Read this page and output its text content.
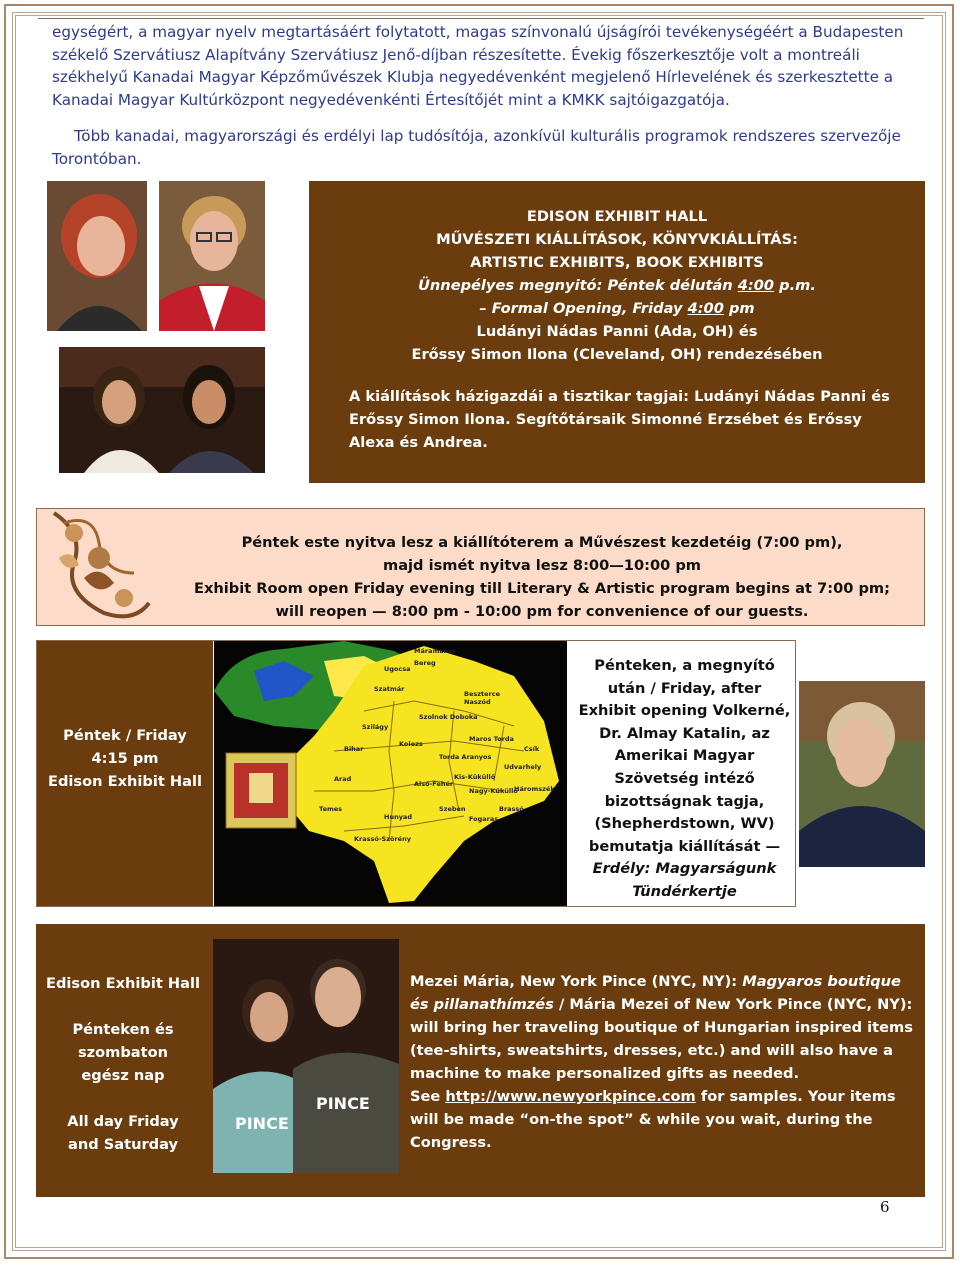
egységért, a magyar nyelv megtartásáért folytatott, magas színvonalú újságírói tevékenységéért a Budapesten székelő Szervátiusz Alapítvány Szervátiusz Jenő-díjban részesítette. Évekig főszerkesztője volt a montreáli székhelyű Kanadai Magyar Képzőművészek Klubja negyedévenként megjelenő Hírlevelének és szerkesztette a Kanadai Magyar Kultúrközpont negyedévenkénti Értesítőjét mint a KMKK sajtóigazgatója.

Több kanadai, magyarországi és erdélyi lap tudósítója, azonkívül kulturális programok rendszeres szervezője Torontóban.

EDISON EXHIBIT HALL
MŰVÉSZETI KIÁLLÍTÁSOK, KÖNYVKIÁLLÍTÁS:
ARTISTIC EXHIBITS, BOOK EXHIBITS
Ünnepélyes megnyitó: Péntek délután 4:00 p.m.
– Formal Opening, Friday 4:00 pm
Ludányi Nádas Panni (Ada, OH) és
Erőssy Simon Ilona (Cleveland, OH) rendezésében
A kiállítások házigazdái a tisztikar tagjai: Ludányi Nádas Panni és Erőssy Simon Ilona. Segítőtársaik Simonné Erzsébet és Erőssy Alexa és Andrea.
Péntek este nyitva lesz a kiállítóterem a Művészest kezdetéig (7:00 pm),
majd ismét nyitva lesz 8:00—10:00 pm
Exhibit Room open Friday evening till Literary & Artistic program begins at 7:00 pm;
will reopen — 8:00 pm - 10:00 pm for convenience of our guests.
Péntek / Friday
4:15 pm
Edison Exhibit Hall
Pénteken, a megnyító után / Friday, after Exhibit opening Volkerné, Dr. Almay Katalin, az Amerikai Magyar Szövetség intéző bizottságnak tagja, (Shepherdstown, WV) bemutatja kiállítását —
Erdély: Magyarságunk Tündérkertje
Máramaros
Ugocsa
Bereg
Szatmár
Szilágy
Bihar
Kolozs
Szolnok Doboka
Beszterce
Naszód
Maros Torda
Csík
Torda Aranyos
Udvarhely
Kis-Küküllő
Háromszék
Arad
Alsó-Fehér
Nagy-Küküllő
Hunyad
Szeben	Brassó
Fogaras
Krassó-Szörény
Temes
Edison Exhibit Hall
Pénteken és
szombaton
egész nap
All day Friday
and Saturday
Mezei Mária, New York Pince (NYC, NY): Magyaros boutique és pillanathímzés / Mária Mezei of New York Pince (NYC, NY): will bring her traveling boutique of Hungarian inspired items (tee-shirts, sweatshirts, dresses, etc.) and will also have a machine to make personalized gifts as needed.
See http://www.newyorkpince.com for samples. Your items will be made “on-the spot” & while you wait, during the Congress.
PINCE
PINCE
6
